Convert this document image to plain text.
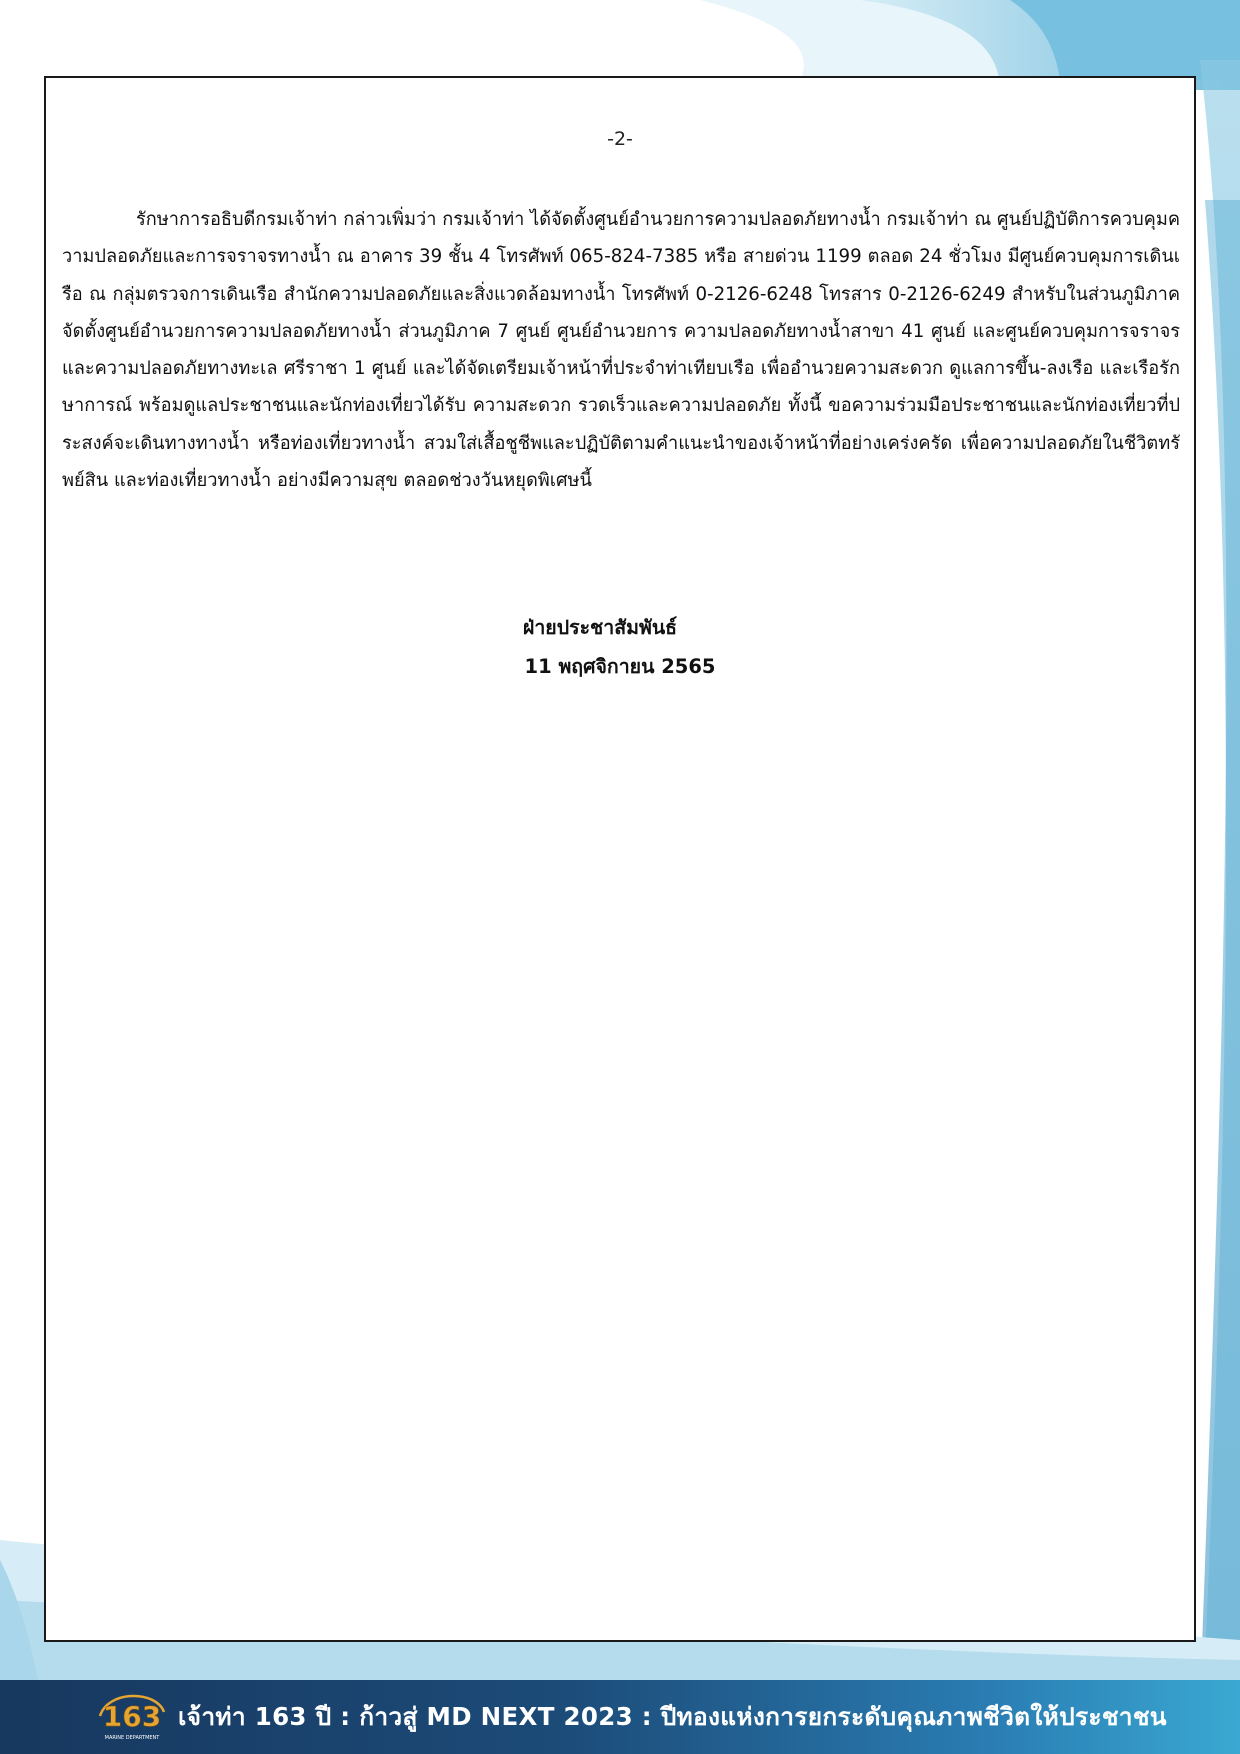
-2-

รักษาการอธิบดีกรมเจ้าท่า กล่าวเพิ่มว่า กรมเจ้าท่า ได้จัดตั้งศูนย์อำนวยการความปลอดภัยทางน้ำ กรมเจ้าท่า ณ ศูนย์ปฏิบัติการควบคุมความปลอดภัยและการจราจรทางน้ำ ณ อาคาร 39 ชั้น 4 โทรศัพท์ 065-824-7385 หรือ สายด่วน 1199 ตลอด 24 ชั่วโมง มีศูนย์ควบคุมการเดินเรือ ณ กลุ่มตรวจการเดินเรือ สำนักความปลอดภัยและสิ่งแวดล้อมทางน้ำ โทรศัพท์ 0-2126-6248 โทรสาร 0-2126-6249 สำหรับในส่วนภูมิภาค จัดตั้งศูนย์อำนวยการความปลอดภัยทางน้ำ ส่วนภูมิภาค 7 ศูนย์ ศูนย์อำนวยการ ความปลอดภัยทางน้ำสาขา 41 ศูนย์ และศูนย์ควบคุมการจราจรและความปลอดภัยทางทะเล ศรีราชา 1 ศูนย์ และได้จัดเตรียมเจ้าหน้าที่ประจำท่าเทียบเรือ เพื่ออำนวยความสะดวก ดูแลการขึ้น-ลงเรือ และเรือรักษาการณ์ พร้อมดูแลประชาชนและนักท่องเที่ยวได้รับ ความสะดวก รวดเร็วและความปลอดภัย ทั้งนี้ ขอความร่วมมือประชาชนและนักท่องเที่ยวที่ประสงค์จะเดินทางทางน้ำ หรือท่องเที่ยวทางน้ำ สวมใส่เสื้อชูชีพและปฏิบัติตามคำแนะนำของเจ้าหน้าที่อย่างเคร่งครัด เพื่อความปลอดภัยในชีวิตทรัพย์สิน และท่องเที่ยวทางน้ำ อย่างมีความสุข ตลอดช่วงวันหยุดพิเศษนี้

ฝ่ายประชาสัมพันธ์
11 พฤศจิกายน 2565
163
MARINE DEPARTMENT
เจ้าท่า 163 ปี : ก้าวสู่ MD NEXT 2023 : ปีทองแห่งการยกระดับคุณภาพชีวิตให้ประชาชน
